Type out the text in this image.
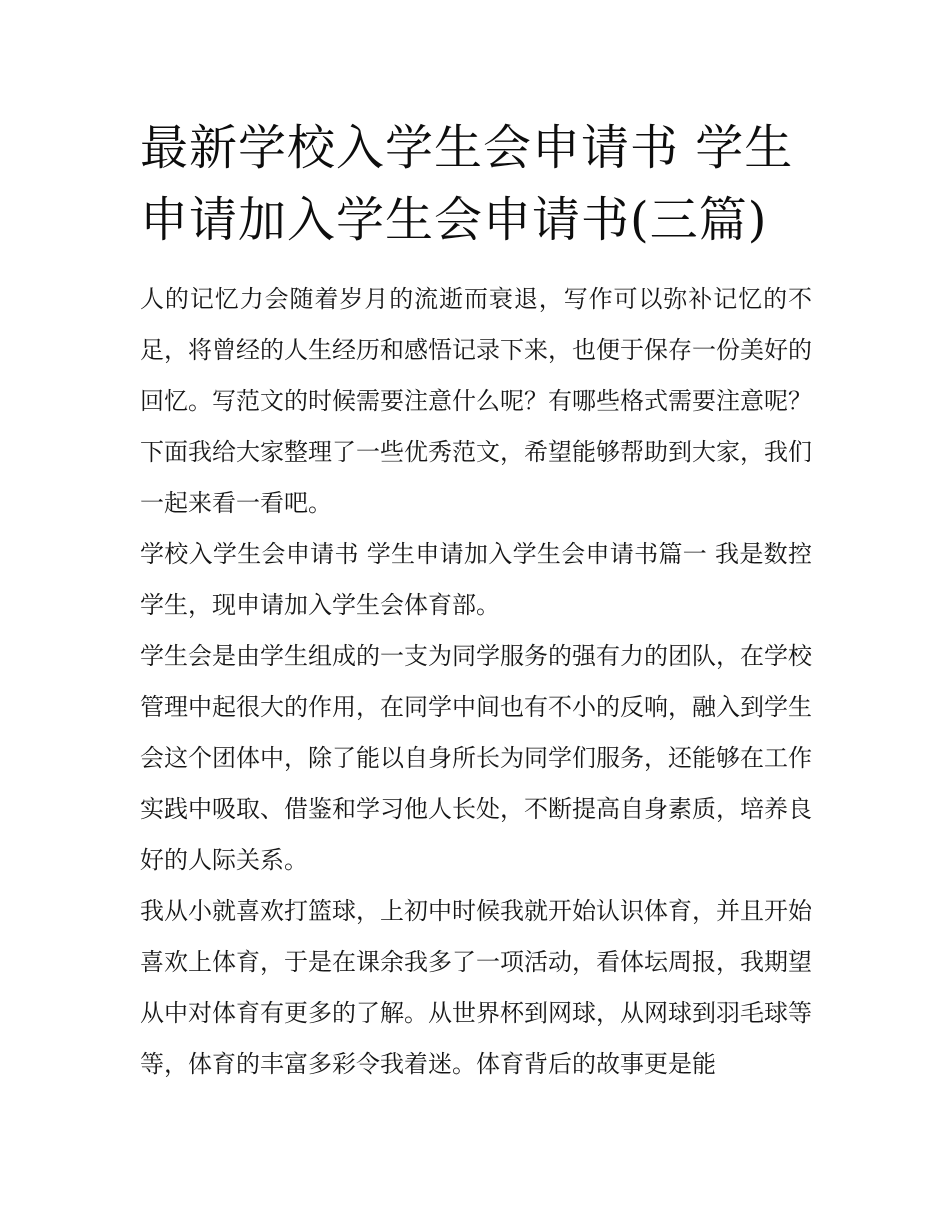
最新学校入学生会申请书 学生申请加入学生会申请书(三篇)

人的记忆力会随着岁月的流逝而衰退，写作可以弥补记忆的不足，将曾经的人生经历和感悟记录下来，也便于保存一份美好的回忆。写范文的时候需要注意什么呢？有哪些格式需要注意呢？下面我给大家整理了一些优秀范文，希望能够帮助到大家，我们一起来看一看吧。

学校入学生会申请书 学生申请加入学生会申请书篇一 我是数控学生，现申请加入学生会体育部。

学生会是由学生组成的一支为同学服务的强有力的团队，在学校管理中起很大的作用，在同学中间也有不小的反响，融入到学生会这个团体中，除了能以自身所长为同学们服务，还能够在工作实践中吸取、借鉴和学习他人长处，不断提高自身素质，培养良好的人际关系。

我从小就喜欢打篮球，上初中时候我就开始认识体育，并且开始喜欢上体育，于是在课余我多了一项活动，看体坛周报，我期望从中对体育有更多的了解。从世界杯到网球，从网球到羽毛球等等，体育的丰富多彩令我着迷。体育背后的故事更是能
